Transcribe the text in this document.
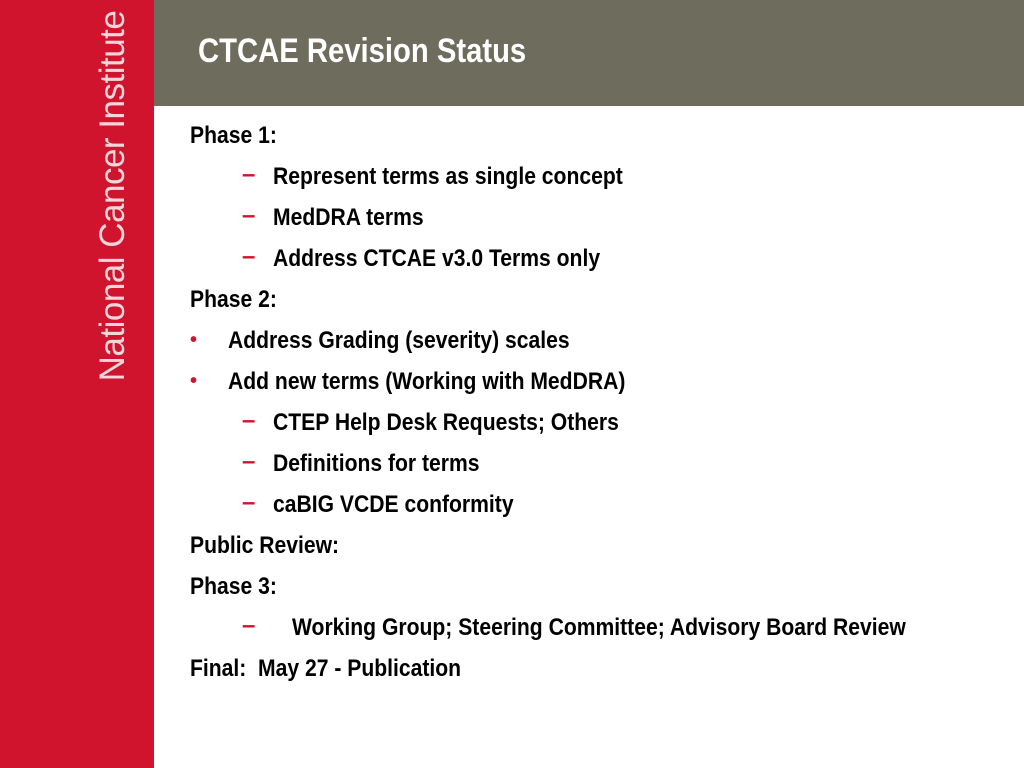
National Cancer Institute CTCAE Revision Status
Phase 1:
– Represent terms as single concept
– MedDRA terms
– Address CTCAE v3.0 Terms only
Phase 2:
• Address Grading (severity) scales
• Add new terms (Working with MedDRA)
– CTEP Help Desk Requests; Others
– Definitions for terms
– caBIG VCDE conformity
Public Review:
Phase 3:
– Working Group; Steering Committee; Advisory Board Review
Final:  May 27 - Publication
